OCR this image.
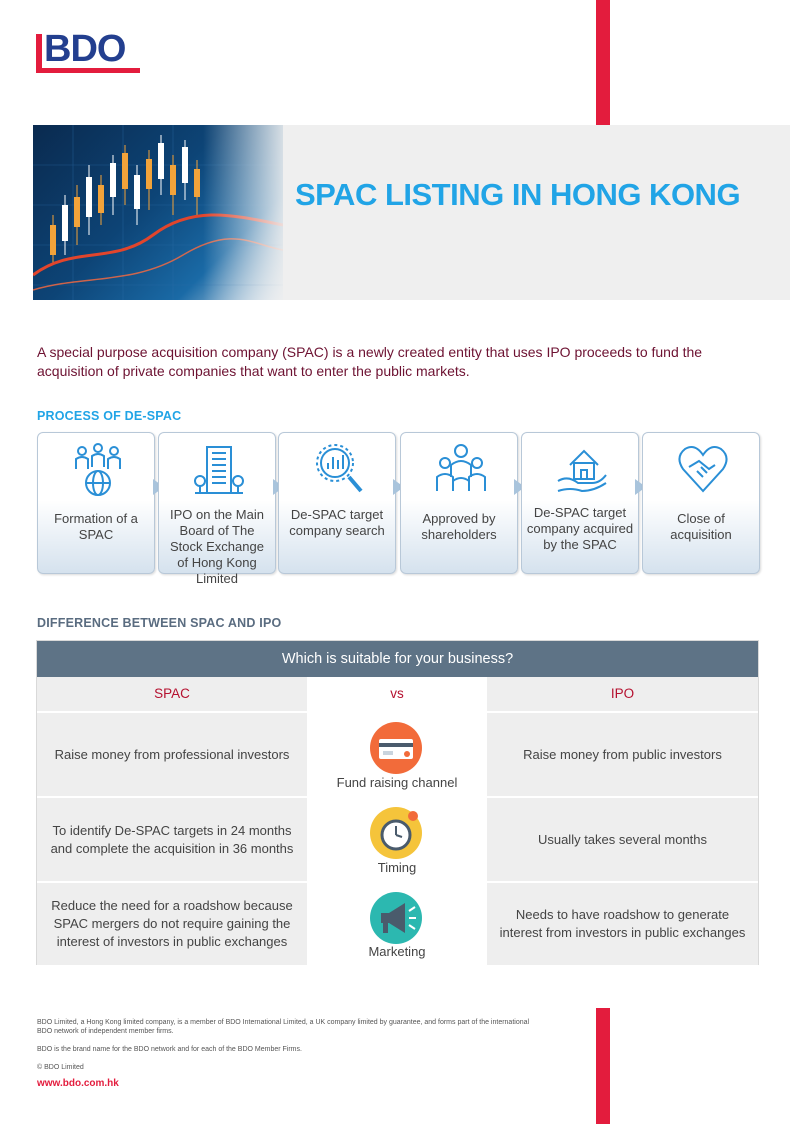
BDO
SPAC LISTING IN HONG KONG

A special purpose acquisition company (SPAC) is a newly created entity that uses IPO proceeds to fund the acquisition of private companies that want to enter the public markets.

PROCESS OF DE-SPAC
Formation of a SPAC
IPO on the Main Board of The Stock Exchange of Hong Kong Limited
De-SPAC target company search
Approved by shareholders
De-SPAC target company acquired by the SPAC
Close of acquisition
DIFFERENCE BETWEEN SPAC AND IPO
Which is suitable for your business?
SPAC	vs	IPO
Raise money from professional investors
Fund raising channel
Raise money from public investors
To identify De-SPAC targets in 24 months and complete the acquisition in 36 months
Timing
Usually takes several months
Reduce the need for a roadshow because SPAC mergers do not require gaining the interest of investors in public exchanges
Marketing
Needs to have roadshow to generate interest from investors in public exchanges

BDO Limited, a Hong Kong limited company, is a member of BDO International Limited, a UK company limited by guarantee, and forms part of the international BDO network of independent member firms.

BDO is the brand name for the BDO network and for each of the BDO Member Firms.

© BDO Limited

www.bdo.com.hk
